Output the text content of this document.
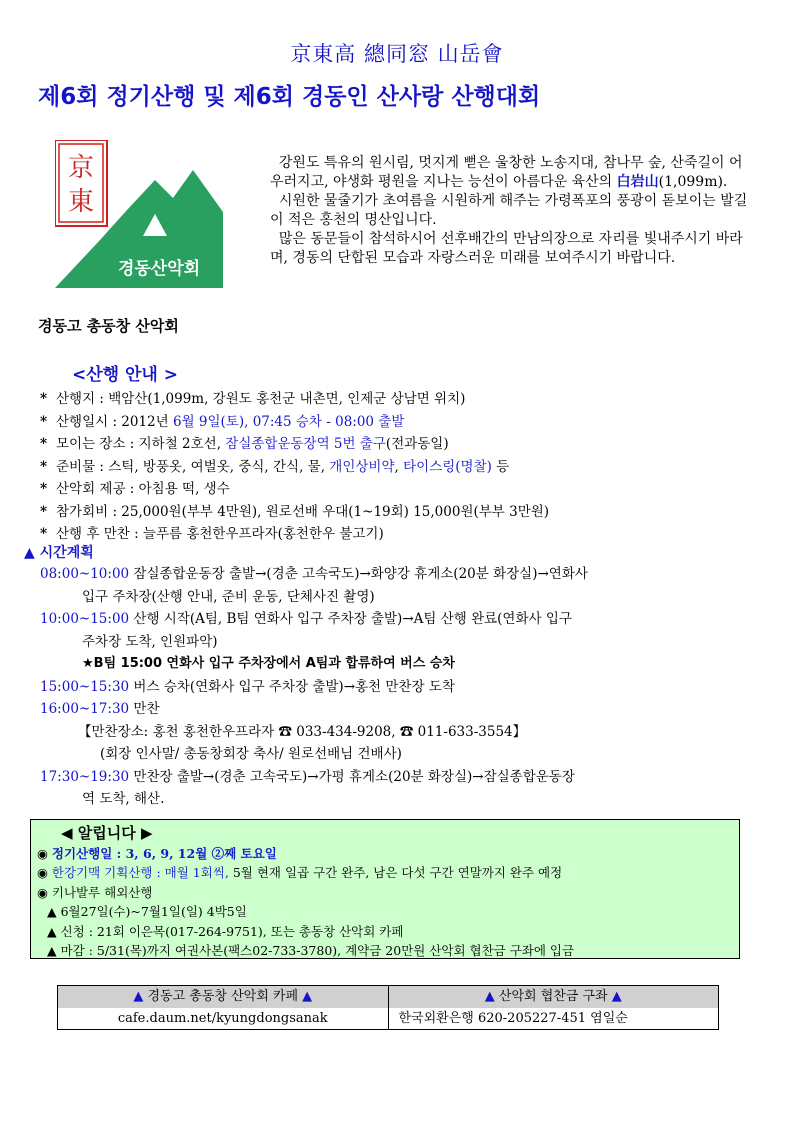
京東高 總同窓 山岳會
제6회 정기산행 및 제6회 경동인 산사랑 산행대회
京
東
경동산악회
경동고 총동창 산악회

강원도 특유의 원시림, 멋지게 뻗은 울창한 노송지대, 참나무 숲, 산죽길이 어우러지고, 야생화 평원을 지나는 능선이 아름다운 육산의 白岩山(1,099m).

시원한 물줄기가 초여름을 시원하게 해주는 가령폭포의 풍광이 돋보이는 발길이 적은 홍천의 명산입니다.

많은 동문들이 참석하시어 선후배간의 만남의장으로 자리를 빛내주시기 바라며, 경동의 단합된 모습과 자랑스러운 미래를 보여주시기 바랍니다.

<산행 안내 >
* 산행지 : 백암산(1,099m, 강원도 홍천군 내촌면, 인제군 상남면 위치)
* 산행일시 : 2012년 6월 9일(토), 07:45 승차 - 08:00 출발
* 모이는 장소 : 지하철 2호선, 잠실종합운동장역 5번 출구(전과동일)
* 준비물 : 스틱, 방풍옷, 여벌옷, 중식, 간식, 물, 개인상비약, 타이스링(명찰) 등
* 산악회 제공 : 아침용 떡, 생수
* 참가회비 : 25,000원(부부 4만원), 원로선배 우대(1~19회) 15,000원(부부 3만원)
* 산행 후 만찬 : 늘푸름 홍천한우프라자(홍천한우 불고기)
▲ 시간계획
08:00~10:00 잠실종합운동장 출발→(경춘 고속국도)→화양강 휴게소(20분 화장실)→연화사
입구 주차장(산행 안내, 준비 운동, 단체사진 촬영)
10:00~15:00 산행 시작(A팀, B팀 연화사 입구 주차장 출발)→A팀 산행 완료(연화사 입구
주차장 도착, 인원파악)
★B팀 15:00 연화사 입구 주차장에서 A팀과 합류하여 버스 승차
15:00~15:30 버스 승차(연화사 입구 주차장 출발)→홍천 만찬장 도착
16:00~17:30 만찬
【만찬장소: 홍천 홍천한우프라자 ☎ 033-434-9208, ☎ 011-633-3554】
(회장 인사말/ 총동창회장 축사/ 원로선배님 건배사)
17:30~19:30 만찬장 출발→(경춘 고속국도)→가평 휴게소(20분 화장실)→잠실종합운동장
역 도착, 해산.
◀ 알립니다 ▶
◉ 정기산행일 : 3, 6, 9, 12월 ②째 토요일
◉ 한강기맥 기획산행 : 매월 1회씩, 5월 현재 일곱 구간 완주, 남은 다섯 구간 연말까지 완주 예정
◉ 키나발루 해외산행
▲ 6월27일(수)~7월1일(일) 4박5일
▲ 신청 : 21회 이은목(017-264-9751), 또는 총동창 산악회 카페
▲ 마감 : 5/31(목)까지 여권사본(팩스02-733-3780), 계약금 20만원 산악회 협찬금 구좌에 입금
▲ 경동고 총동창 산악회 카페 ▲
cafe.daum.net/kyungdongsanak
▲ 산악회 협찬금 구좌 ▲
한국외환은행 620-205227-451 염일순
